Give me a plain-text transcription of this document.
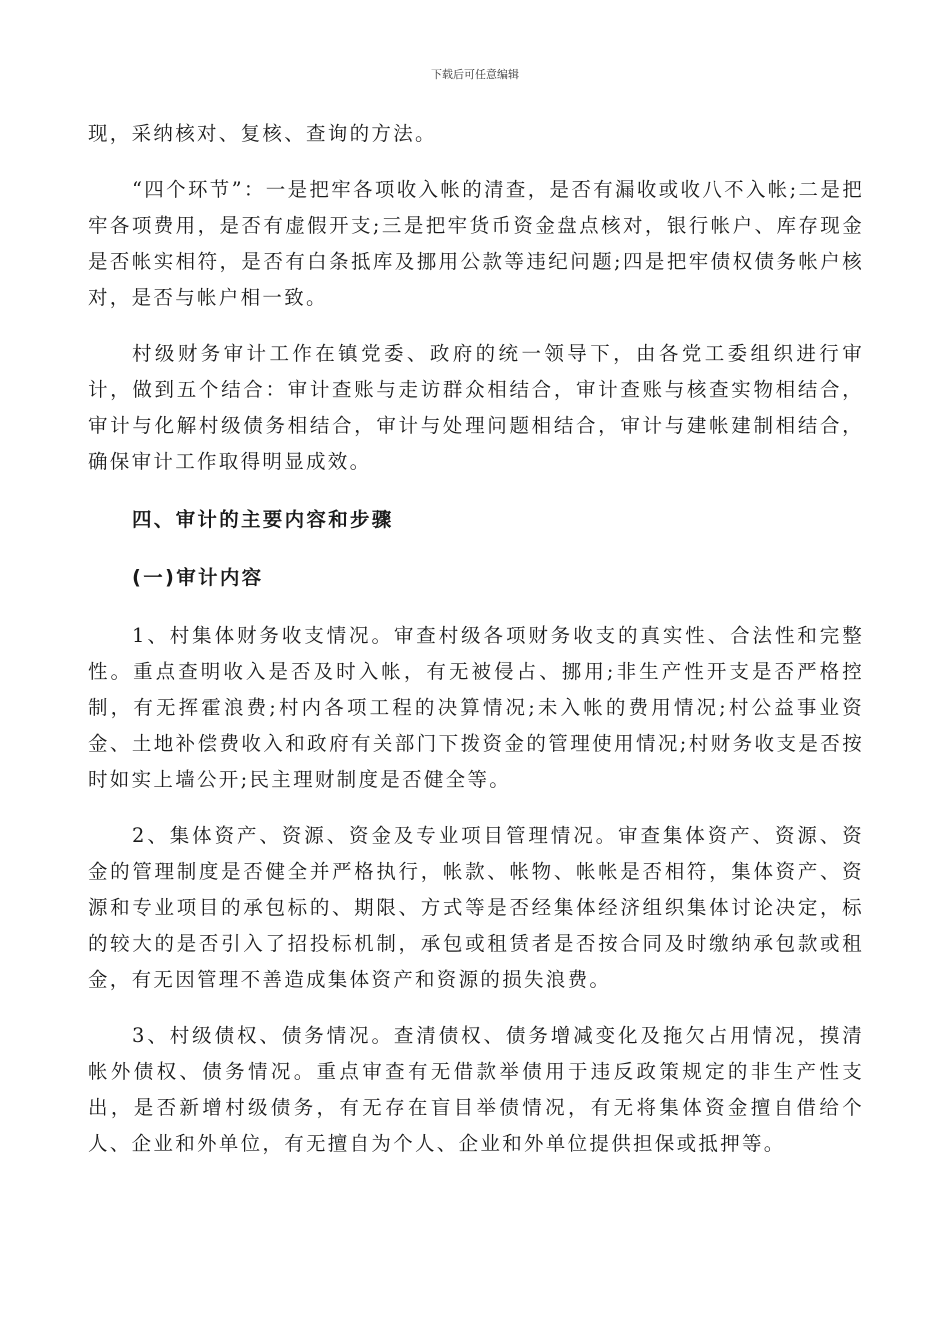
下载后可任意编辑

现，采纳核对、复核、查询的方法。

“四个环节”：一是把牢各项收入帐的清查，是否有漏收或收八不入帐;二是把牢各项费用，是否有虚假开支;三是把牢货币资金盘点核对，银行帐户、库存现金是否帐实相符，是否有白条抵库及挪用公款等违纪问题;四是把牢债权债务帐户核对，是否与帐户相一致。

村级财务审计工作在镇党委、政府的统一领导下，由各党工委组织进行审计，做到五个结合：审计查账与走访群众相结合，审计查账与核查实物相结合，审计与化解村级债务相结合，审计与处理问题相结合，审计与建帐建制相结合，确保审计工作取得明显成效。

四、审计的主要内容和步骤

(一)审计内容

1、村集体财务收支情况。审查村级各项财务收支的真实性、合法性和完整性。重点查明收入是否及时入帐，有无被侵占、挪用;非生产性开支是否严格控制，有无挥霍浪费;村内各项工程的决算情况;未入帐的费用情况;村公益事业资金、土地补偿费收入和政府有关部门下拨资金的管理使用情况;村财务收支是否按时如实上墙公开;民主理财制度是否健全等。

2、集体资产、资源、资金及专业项目管理情况。审查集体资产、资源、资金的管理制度是否健全并严格执行，帐款、帐物、帐帐是否相符，集体资产、资源和专业项目的承包标的、期限、方式等是否经集体经济组织集体讨论决定，标的较大的是否引入了招投标机制，承包或租赁者是否按合同及时缴纳承包款或租金，有无因管理不善造成集体资产和资源的损失浪费。

3、村级债权、债务情况。查清债权、债务增减变化及拖欠占用情况，摸清帐外债权、债务情况。重点审查有无借款举债用于违反政策规定的非生产性支出，是否新增村级债务，有无存在盲目举债情况，有无将集体资金擅自借给个人、企业和外单位，有无擅自为个人、企业和外单位提供担保或抵押等。
